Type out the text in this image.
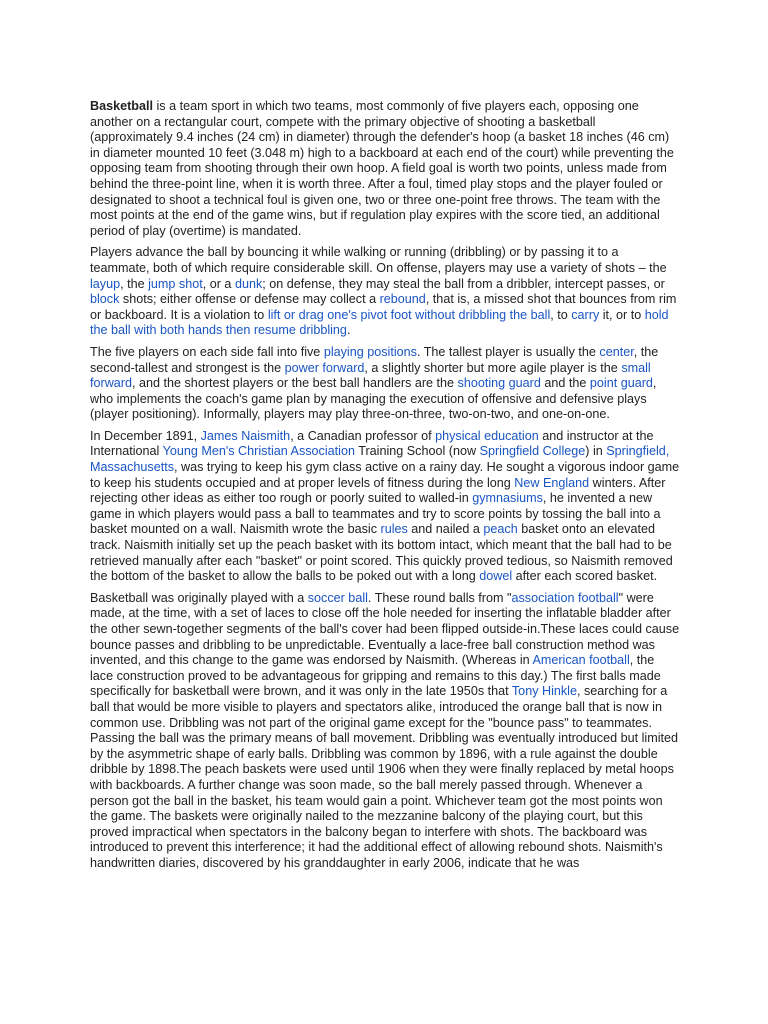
Basketball is a team sport in which two teams, most commonly of five players each, opposing one another on a rectangular court, compete with the primary objective of shooting a basketball (approximately 9.4 inches (24 cm) in diameter) through the defender's hoop (a basket 18 inches (46 cm) in diameter mounted 10 feet (3.048 m) high to a backboard at each end of the court) while preventing the opposing team from shooting through their own hoop. A field goal is worth two points, unless made from behind the three-point line, when it is worth three. After a foul, timed play stops and the player fouled or designated to shoot a technical foul is given one, two or three one-point free throws. The team with the most points at the end of the game wins, but if regulation play expires with the score tied, an additional period of play (overtime) is mandated.

Players advance the ball by bouncing it while walking or running (dribbling) or by passing it to a teammate, both of which require considerable skill. On offense, players may use a variety of shots – the layup, the jump shot, or a dunk; on defense, they may steal the ball from a dribbler, intercept passes, or block shots; either offense or defense may collect a rebound, that is, a missed shot that bounces from rim or backboard. It is a violation to lift or drag one's pivot foot without dribbling the ball, to carry it, or to hold the ball with both hands then resume dribbling.

The five players on each side fall into five playing positions. The tallest player is usually the center, the second-tallest and strongest is the power forward, a slightly shorter but more agile player is the small forward, and the shortest players or the best ball handlers are the shooting guard and the point guard, who implements the coach's game plan by managing the execution of offensive and defensive plays (player positioning). Informally, players may play three-on-three, two-on-two, and one-on-one.

In December 1891, James Naismith, a Canadian professor of physical education and instructor at the International Young Men's Christian Association Training School (now Springfield College) in Springfield, Massachusetts, was trying to keep his gym class active on a rainy day. He sought a vigorous indoor game to keep his students occupied and at proper levels of fitness during the long New England winters. After rejecting other ideas as either too rough or poorly suited to walled-in gymnasiums, he invented a new game in which players would pass a ball to teammates and try to score points by tossing the ball into a basket mounted on a wall. Naismith wrote the basic rules and nailed a peach basket onto an elevated track. Naismith initially set up the peach basket with its bottom intact, which meant that the ball had to be retrieved manually after each "basket" or point scored. This quickly proved tedious, so Naismith removed the bottom of the basket to allow the balls to be poked out with a long dowel after each scored basket.

Basketball was originally played with a soccer ball. These round balls from "association football" were made, at the time, with a set of laces to close off the hole needed for inserting the inflatable bladder after the other sewn-together segments of the ball's cover had been flipped outside-in.These laces could cause bounce passes and dribbling to be unpredictable. Eventually a lace-free ball construction method was invented, and this change to the game was endorsed by Naismith. (Whereas in American football, the lace construction proved to be advantageous for gripping and remains to this day.) The first balls made specifically for basketball were brown, and it was only in the late 1950s that Tony Hinkle, searching for a ball that would be more visible to players and spectators alike, introduced the orange ball that is now in common use. Dribbling was not part of the original game except for the "bounce pass" to teammates. Passing the ball was the primary means of ball movement. Dribbling was eventually introduced but limited by the asymmetric shape of early balls. Dribbling was common by 1896, with a rule against the double dribble by 1898.The peach baskets were used until 1906 when they were finally replaced by metal hoops with backboards. A further change was soon made, so the ball merely passed through. Whenever a person got the ball in the basket, his team would gain a point. Whichever team got the most points won the game. The baskets were originally nailed to the mezzanine balcony of the playing court, but this proved impractical when spectators in the balcony began to interfere with shots. The backboard was introduced to prevent this interference; it had the additional effect of allowing rebound shots. Naismith's handwritten diaries, discovered by his granddaughter in early 2006, indicate that he was
